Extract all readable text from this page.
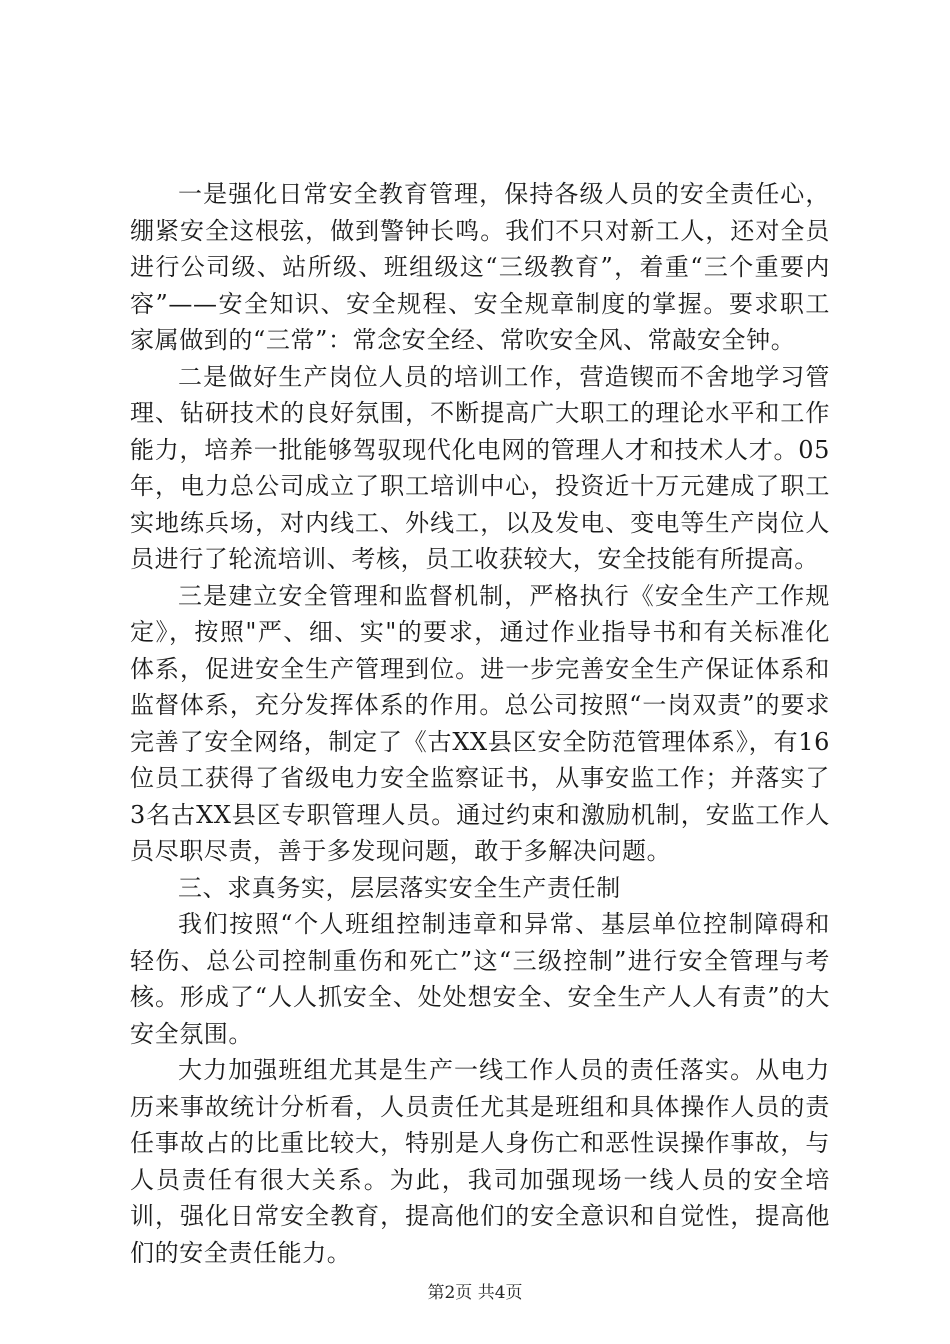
一是强化日常安全教育管理，保持各级人员的安全责任心，绷紧安全这根弦，做到警钟长鸣。我们不只对新工人，还对全员进行公司级、站所级、班组级这“三级教育”，着重“三个重要内容”——安全知识、安全规程、安全规章制度的掌握。要求职工家属做到的“三常”：常念安全经、常吹安全风、常敲安全钟。

二是做好生产岗位人员的培训工作，营造锲而不舍地学习管理、钻研技术的良好氛围，不断提高广大职工的理论水平和工作能力，培养一批能够驾驭现代化电网的管理人才和技术人才。05年，电力总公司成立了职工培训中心，投资近十万元建成了职工实地练兵场，对内线工、外线工，以及发电、变电等生产岗位人员进行了轮流培训、考核，员工收获较大，安全技能有所提高。

三是建立安全管理和监督机制，严格执行《安全生产工作规定》，按照"严、细、实"的要求，通过作业指导书和有关标准化体系，促进安全生产管理到位。进一步完善安全生产保证体系和监督体系，充分发挥体系的作用。总公司按照“一岗双责”的要求完善了安全网络，制定了《古XX县区安全防范管理体系》，有16位员工获得了省级电力安全监察证书，从事安监工作；并落实了3名古XX县区专职管理人员。通过约束和激励机制，安监工作人员尽职尽责，善于多发现问题，敢于多解决问题。

三、求真务实，层层落实安全生产责任制

我们按照“个人班组控制违章和异常、基层单位控制障碍和轻伤、总公司控制重伤和死亡”这“三级控制”进行安全管理与考核。形成了“人人抓安全、处处想安全、安全生产人人有责”的大安全氛围。

大力加强班组尤其是生产一线工作人员的责任落实。从电力历来事故统计分析看，人员责任尤其是班组和具体操作人员的责任事故占的比重比较大，特别是人身伤亡和恶性误操作事故，与人员责任有很大关系。为此，我司加强现场一线人员的安全培训，强化日常安全教育，提高他们的安全意识和自觉性，提高他们的安全责任能力。

第2页 共4页
